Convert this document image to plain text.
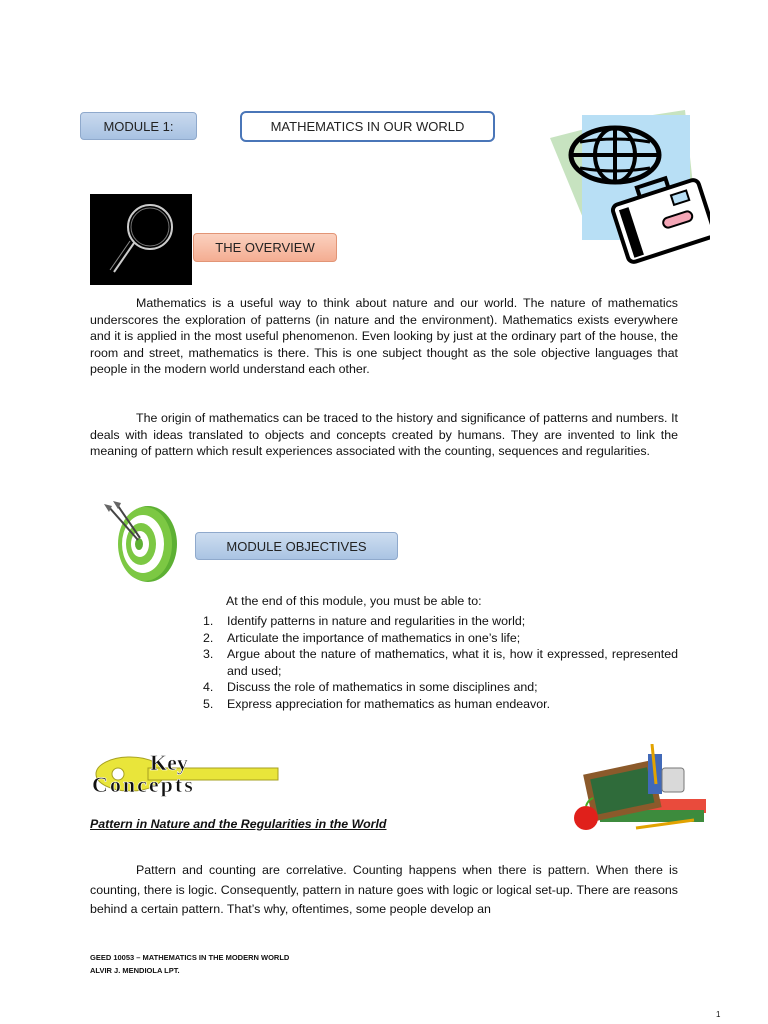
MODULE 1:	MATHEMATICS IN OUR WORLD
THE OVERVIEW

Mathematics is a useful way to think about nature and our world. The nature of mathematics underscores the exploration of patterns (in nature and the environment). Mathematics exists everywhere and it is applied in the most useful phenomenon. Even looking by just at the ordinary part of the house, the room and street, mathematics is there. This is one subject thought as the sole objective languages that people in the modern world understand each other.

The origin of mathematics can be traced to the history and significance of patterns and numbers. It deals with ideas translated to objects and concepts created by humans. They are invented to link the meaning of pattern which result experiences associated with the counting, sequences and regularities.

MODULE OBJECTIVES

At the end of this module, you must be able to:

1.	Identify patterns in nature and regularities in the world;
2.	Articulate the importance of mathematics in one’s life;
3.	Argue about the nature of mathematics, what it is, how it expressed, represented and used;
4.	Discuss the role of mathematics in some disciplines and;
5.	Express appreciation for mathematics as human endeavor.
Key
Concepts
Pattern in Nature and the Regularities in the World

Pattern and counting are correlative. Counting happens when there is pattern. When there is counting, there is logic. Consequently, pattern in nature goes with logic or logical set-up. There are reasons behind a certain pattern. That’s why, oftentimes, some people develop an

GEED 10053 – MATHEMATICS IN THE MODERN WORLD
ALVIR J. MENDIOLA LPT.
1
